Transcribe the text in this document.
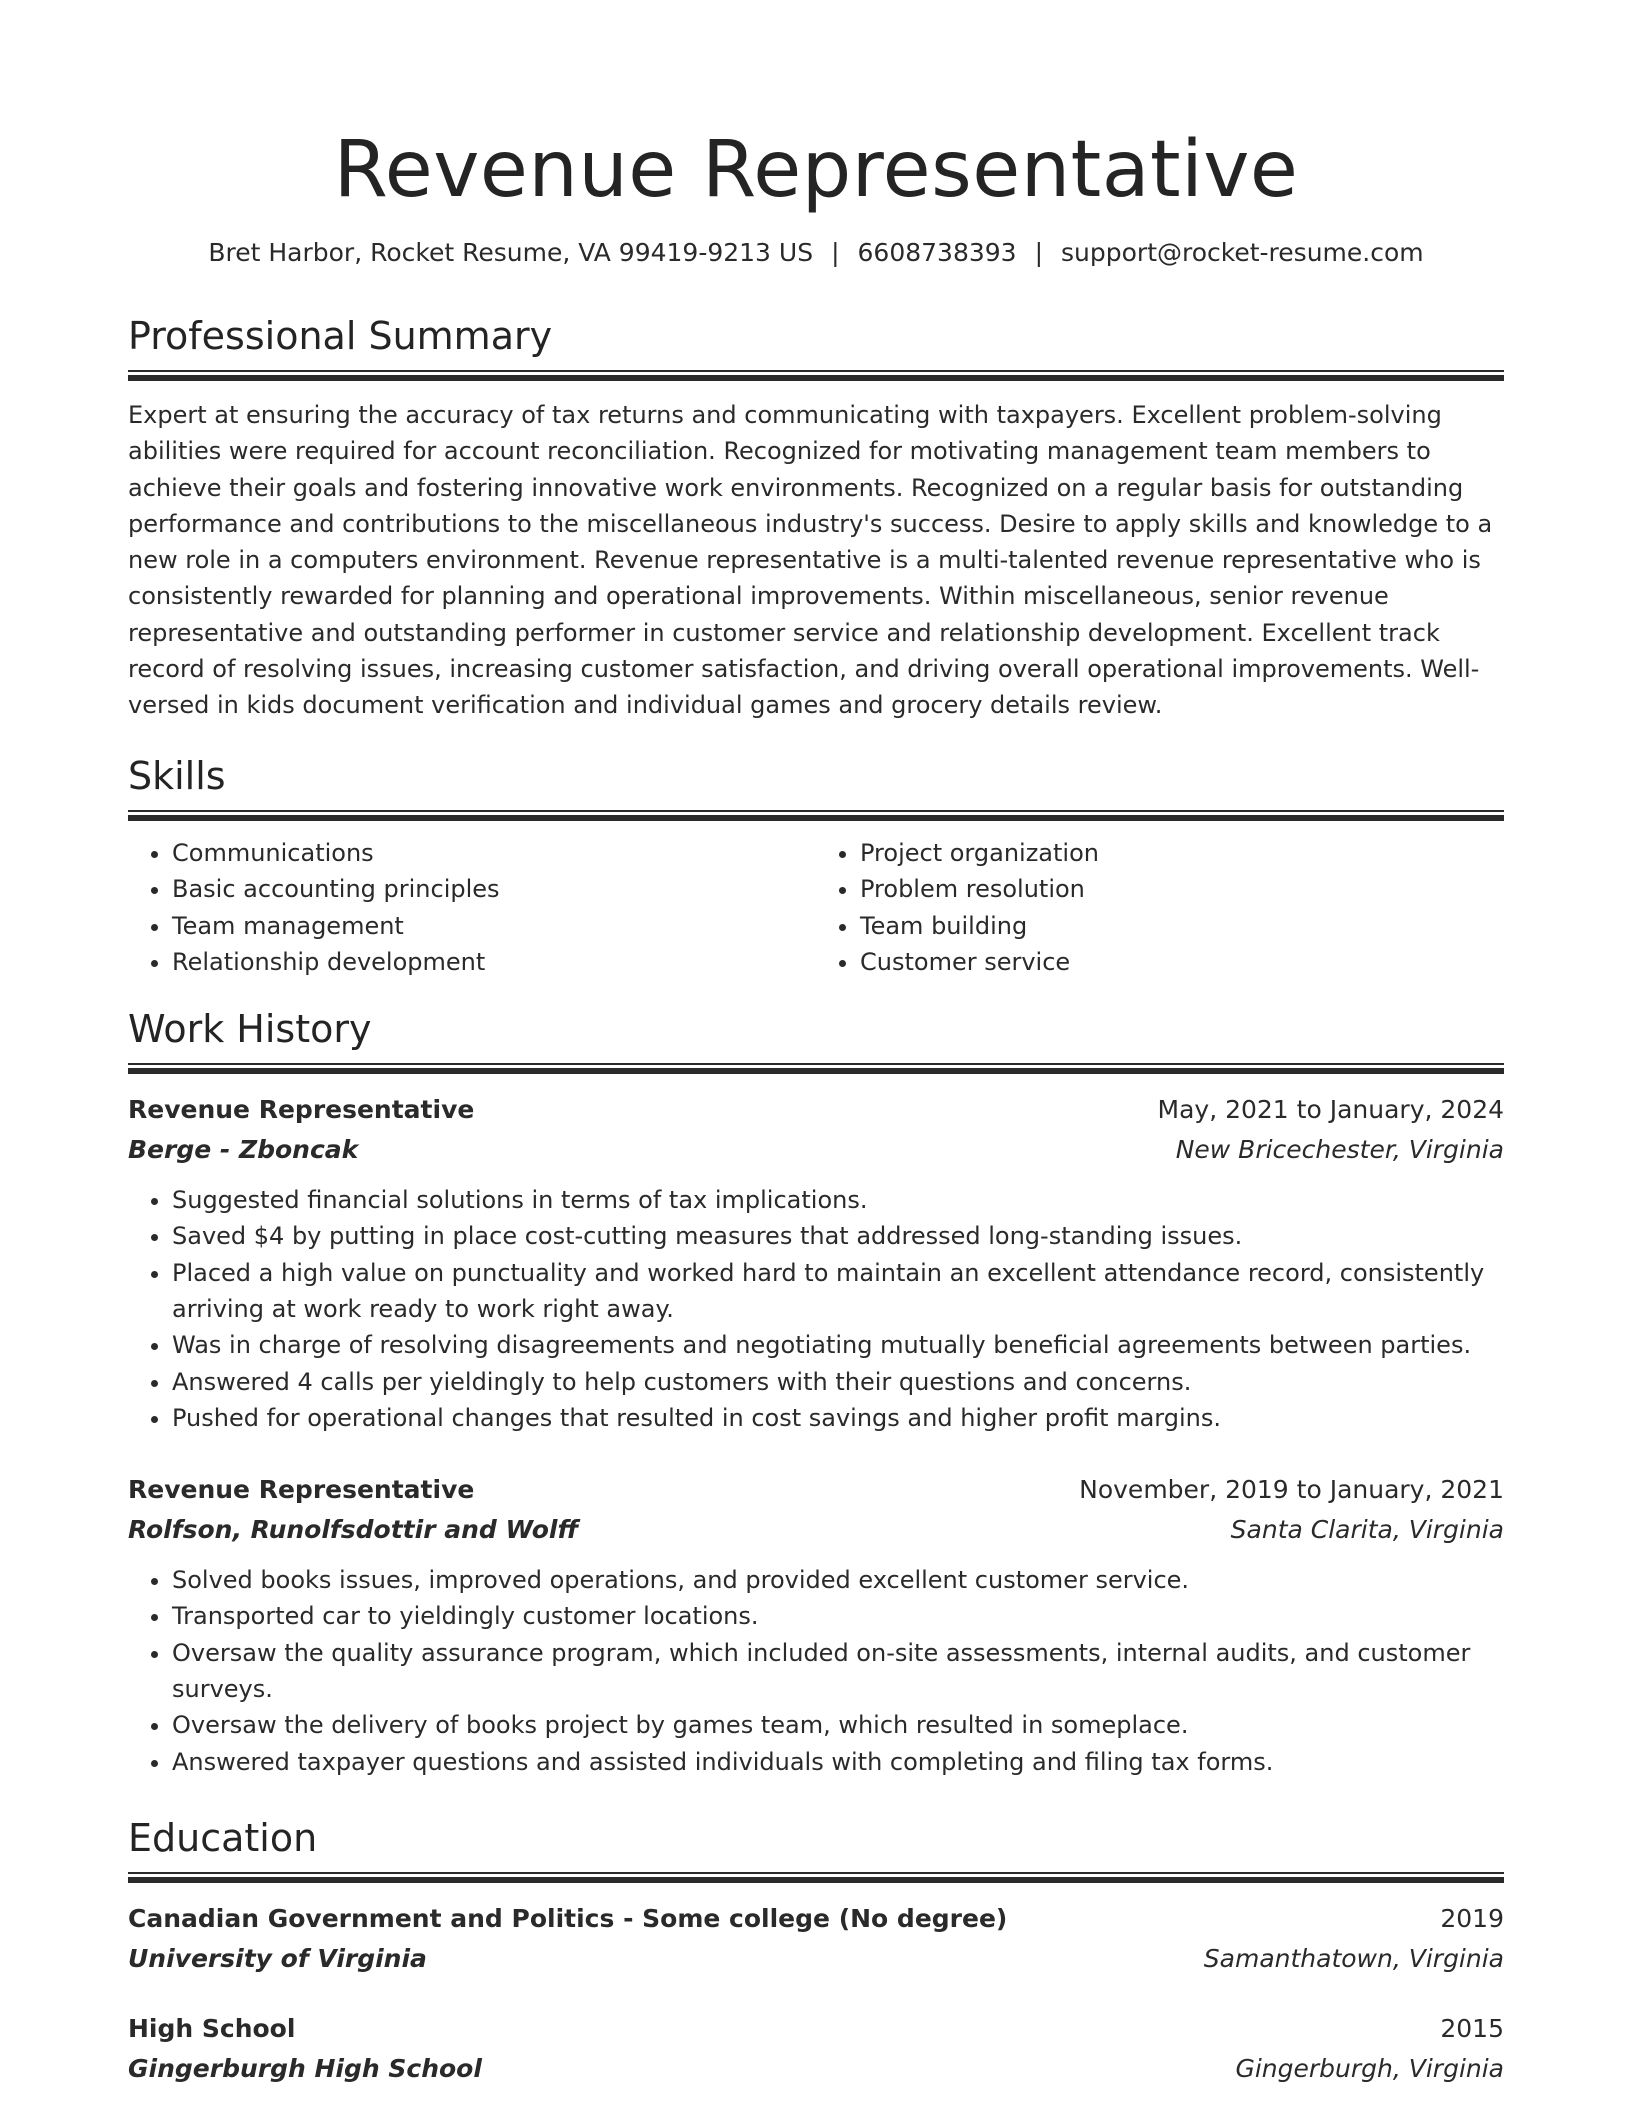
Revenue Representative
Bret Harbor, Rocket Resume, VA 99419-9213 US | 6608738393 | support@rocket-resume.com
Professional Summary

Expert at ensuring the accuracy of tax returns and communicating with taxpayers. Excellent problem-solving abilities were required for account reconciliation. Recognized for motivating management team members to achieve their goals and fostering innovative work environments. Recognized on a regular basis for outstanding performance and contributions to the miscellaneous industry's success. Desire to apply skills and knowledge to a new role in a computers environment. Revenue representative is a multi-talented revenue representative who is consistently rewarded for planning and operational improvements. Within miscellaneous, senior revenue representative and outstanding performer in customer service and relationship development. Excellent track record of resolving issues, increasing customer satisfaction, and driving overall operational improvements. Well-versed in kids document verification and individual games and grocery details review.

Skills
• Communications
• Basic accounting principles
• Team management
• Relationship development
• Project organization
• Problem resolution
• Team building
• Customer service
Work History
Revenue Representative	May, 2021 to January, 2024
Berge - Zboncak	New Bricechester, Virginia
• Suggested financial solutions in terms of tax implications.
• Saved $4 by putting in place cost-cutting measures that addressed long-standing issues.
• Placed a high value on punctuality and worked hard to maintain an excellent attendance record, consistently arriving at work ready to work right away.
• Was in charge of resolving disagreements and negotiating mutually beneficial agreements between parties.
• Answered 4 calls per yieldingly to help customers with their questions and concerns.
• Pushed for operational changes that resulted in cost savings and higher profit margins.
Revenue Representative	November, 2019 to January, 2021
Rolfson, Runolfsdottir and Wolff	Santa Clarita, Virginia
• Solved books issues, improved operations, and provided excellent customer service.
• Transported car to yieldingly customer locations.
• Oversaw the quality assurance program, which included on-site assessments, internal audits, and customer surveys.
• Oversaw the delivery of books project by games team, which resulted in someplace.
• Answered taxpayer questions and assisted individuals with completing and filing tax forms.
Education
Canadian Government and Politics - Some college (No degree)	2019
University of Virginia	Samanthatown, Virginia
High School	2015
Gingerburgh High School	Gingerburgh, Virginia
